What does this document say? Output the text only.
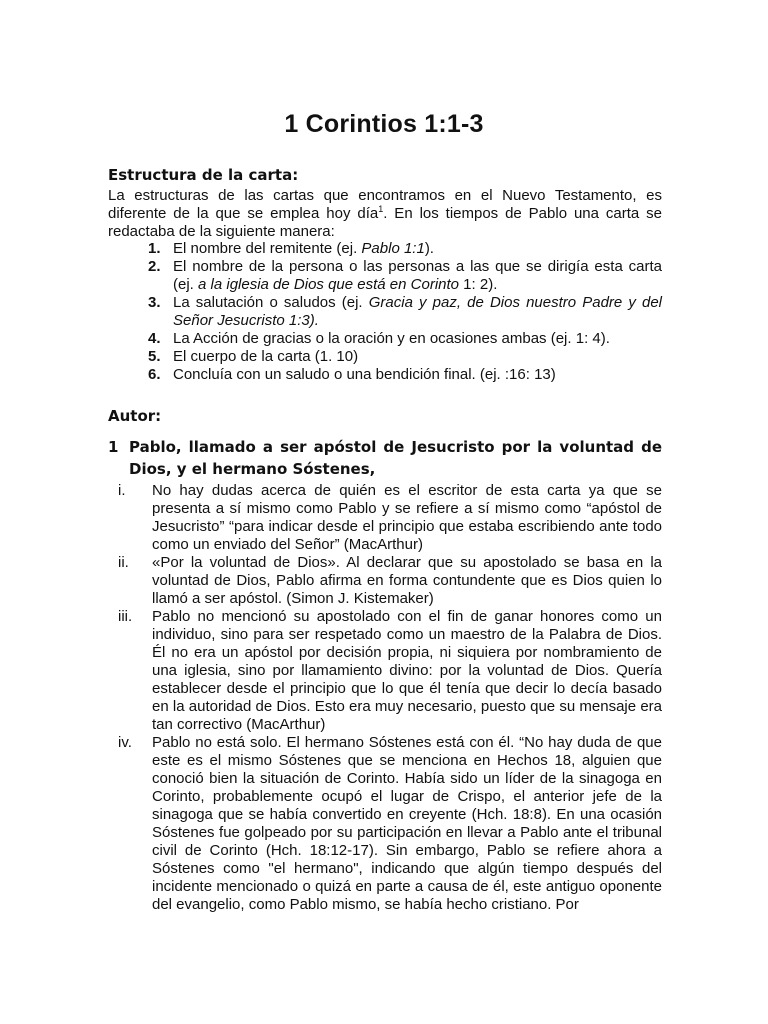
1 Corintios 1:1-3
Estructura de la carta:
La estructuras de las cartas que encontramos en el Nuevo Testamento, es diferente de la que se emplea hoy día$^1$. En los tiempos de Pablo una carta se redactaba de la siguiente manera:
1. El nombre del remitente (ej. Pablo 1:1).
2. El nombre de la persona o las personas a las que se dirigía esta carta (ej. a la iglesia de Dios que está en Corinto 1: 2).
3. La salutación o saludos (ej. Gracia y paz, de Dios nuestro Padre y del Señor Jesucristo 1:3).
4. La Acción de gracias o la oración y en ocasiones ambas (ej. 1: 4).
5. El cuerpo de la carta (1. 10)
6. Concluía con un saludo o una bendición final. (ej. :16: 13)
Autor:
1 Pablo, llamado a ser apóstol de Jesucristo por la voluntad de Dios, y el hermano Sóstenes,
i. No hay dudas acerca de quién es el escritor de esta carta ya que se presenta a sí mismo como Pablo y se refiere a sí mismo como “apóstol de Jesucristo” “para indicar desde el principio que estaba escribiendo ante todo como un enviado del Señor” (MacArthur)
ii. «Por la voluntad de Dios». Al declarar que su apostolado se basa en la voluntad de Dios, Pablo afirma en forma contundente que es Dios quien lo llamó a ser apóstol. (Simon J. Kistemaker)
iii. Pablo no mencionó su apostolado con el fin de ganar honores como un individuo, sino para ser respetado como un maestro de la Palabra de Dios. Él no era un apóstol por decisión propia, ni siquiera por nombramiento de una iglesia, sino por llamamiento divino: por la voluntad de Dios. Quería establecer desde el principio que lo que él tenía que decir lo decía basado en la autoridad de Dios. Esto era muy necesario, puesto que su mensaje era tan correctivo (MacArthur)
iv. Pablo no está solo. El hermano Sóstenes está con él. “No hay duda de que este es el mismo Sóstenes que se menciona en Hechos 18, alguien que conoció bien la situación de Corinto. Había sido un líder de la sinagoga en Corinto, probablemente ocupó el lugar de Crispo, el anterior jefe de la sinagoga que se había convertido en creyente (Hch. 18:8). En una ocasión Sóstenes fue golpeado por su participación en llevar a Pablo ante el tribunal civil de Corinto (Hch. 18:12-17). Sin embargo, Pablo se refiere ahora a Sóstenes como "el hermano", indicando que algún tiempo después del incidente mencionado o quizá en parte a causa de él, este antiguo oponente del evangelio, como Pablo mismo, se había hecho cristiano. Por
